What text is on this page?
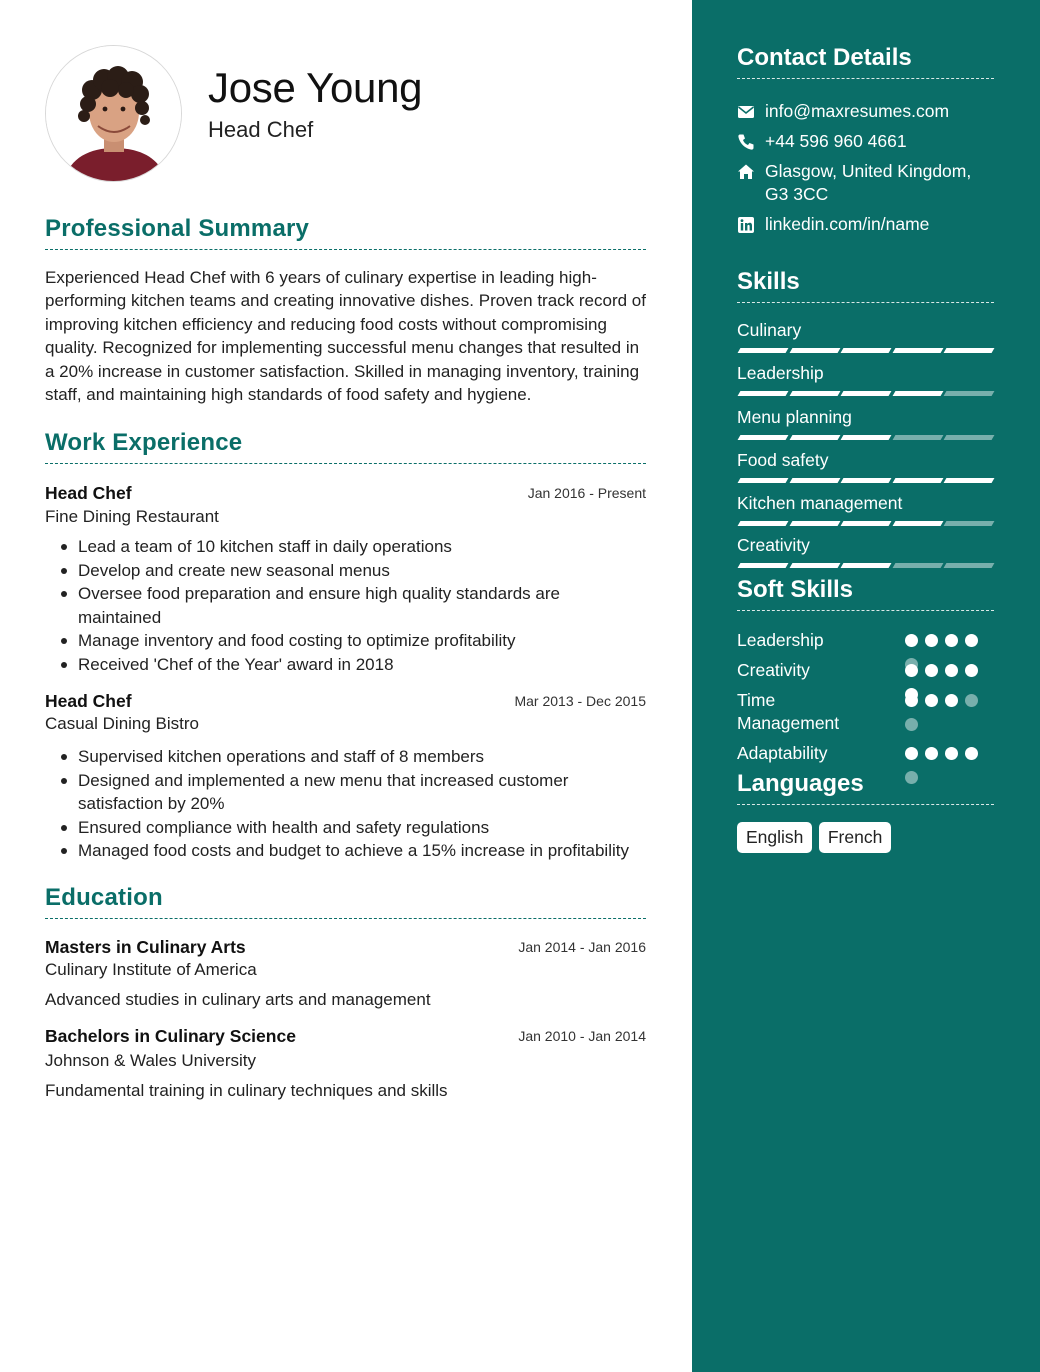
Jose Young
Head Chef
Professional Summary
Experienced Head Chef with 6 years of culinary expertise in leading high-performing kitchen teams and creating innovative dishes. Proven track record of improving kitchen efficiency and reducing food costs without compromising quality. Recognized for implementing successful menu changes that resulted in a 20% increase in customer satisfaction. Skilled in managing inventory, training staff, and maintaining high standards of food safety and hygiene.
Work Experience
Head Chef	Jan 2016 - Present
Fine Dining Restaurant
Lead a team of 10 kitchen staff in daily operations
Develop and create new seasonal menus
Oversee food preparation and ensure high quality standards are maintained
Manage inventory and food costing to optimize profitability
Received 'Chef of the Year' award in 2018
Head Chef	Mar 2013 - Dec 2015
Casual Dining Bistro
Supervised kitchen operations and staff of 8 members
Designed and implemented a new menu that increased customer satisfaction by 20%
Ensured compliance with health and safety regulations
Managed food costs and budget to achieve a 15% increase in profitability
Education
Masters in Culinary Arts	Jan 2014 - Jan 2016
Culinary Institute of America
Advanced studies in culinary arts and management
Bachelors in Culinary Science	Jan 2010 - Jan 2014
Johnson & Wales University
Fundamental training in culinary techniques and skills
Contact Details
info@maxresumes.com
+44 596 960 4661
Glasgow, United Kingdom, G3 3CC
linkedin.com/in/name
Skills
Culinary
Leadership
Menu planning
Food safety
Kitchen management
Creativity
Soft Skills
Leadership
Creativity
Time Management
Adaptability
Languages
English French
